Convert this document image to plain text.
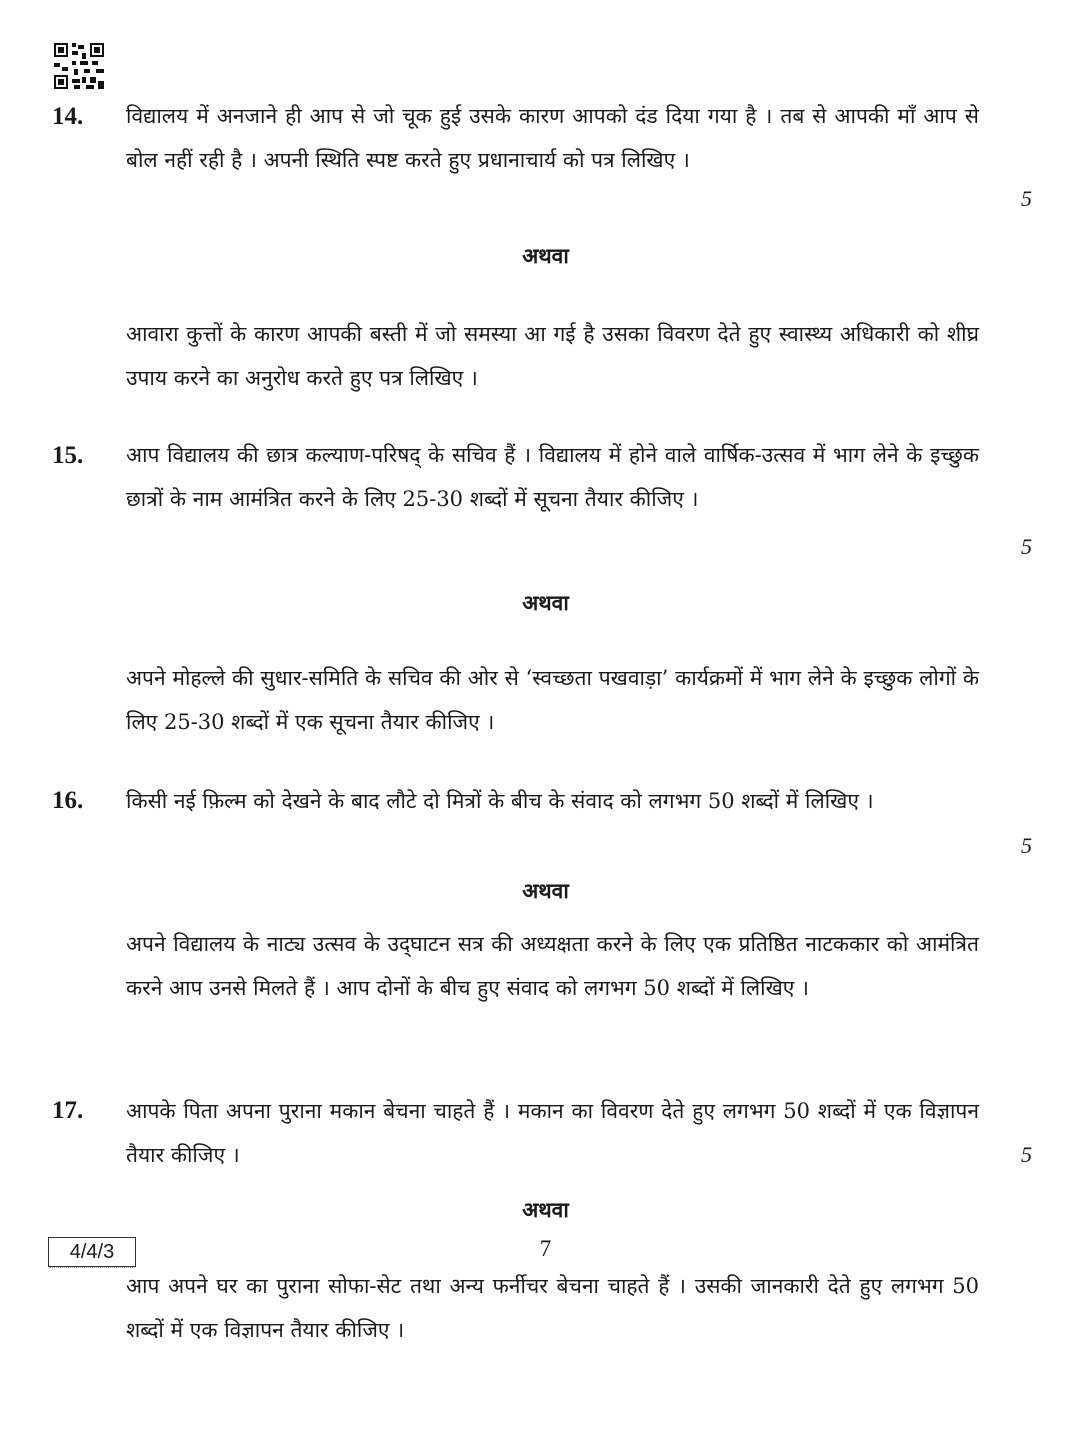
14. विद्यालय में अनजाने ही आप से जो चूक हुई उसके कारण आपको दंड दिया गया है । तब से आपकी माँ आप से बोल नहीं रही है । अपनी स्थिति स्पष्ट करते हुए प्रधानाचार्य को पत्र लिखिए ।
5
अथवा
आवारा कुत्तों के कारण आपकी बस्ती में जो समस्या आ गई है उसका विवरण देते हुए स्वास्थ्य अधिकारी को शीघ्र उपाय करने का अनुरोध करते हुए पत्र लिखिए ।
15. आप विद्यालय की छात्र कल्याण-परिषद् के सचिव हैं । विद्यालय में होने वाले वार्षिक-उत्सव में भाग लेने के इच्छुक छात्रों के नाम आमंत्रित करने के लिए 25-30 शब्दों में सूचना तैयार कीजिए ।
5
अथवा
अपने मोहल्ले की सुधार-समिति के सचिव की ओर से ‘स्वच्छता पखवाड़ा’ कार्यक्रमों में भाग लेने के इच्छुक लोगों के लिए 25-30 शब्दों में एक सूचना तैयार कीजिए ।
16. किसी नई फ़िल्म को देखने के बाद लौटे दो मित्रों के बीच के संवाद को लगभग 50 शब्दों में लिखिए ।
5
अथवा
अपने विद्यालय के नाट्य उत्सव के उद्‌घाटन सत्र की अध्यक्षता करने के लिए एक प्रतिष्ठित नाटककार को आमंत्रित करने आप उनसे मिलते हैं । आप दोनों के बीच हुए संवाद को लगभग 50 शब्दों में लिखिए ।
17. आपके पिता अपना पुराना मकान बेचना चाहते हैं । मकान का विवरण देते हुए लगभग 50 शब्दों में एक विज्ञापन तैयार कीजिए ।	5
अथवा
आप अपने घर का पुराना सोफा-सेट तथा अन्य फर्नीचर बेचना चाहते हैं । उसकी जानकारी देते हुए लगभग 50 शब्दों में एक विज्ञापन तैयार कीजिए ।
4/4/3	7
